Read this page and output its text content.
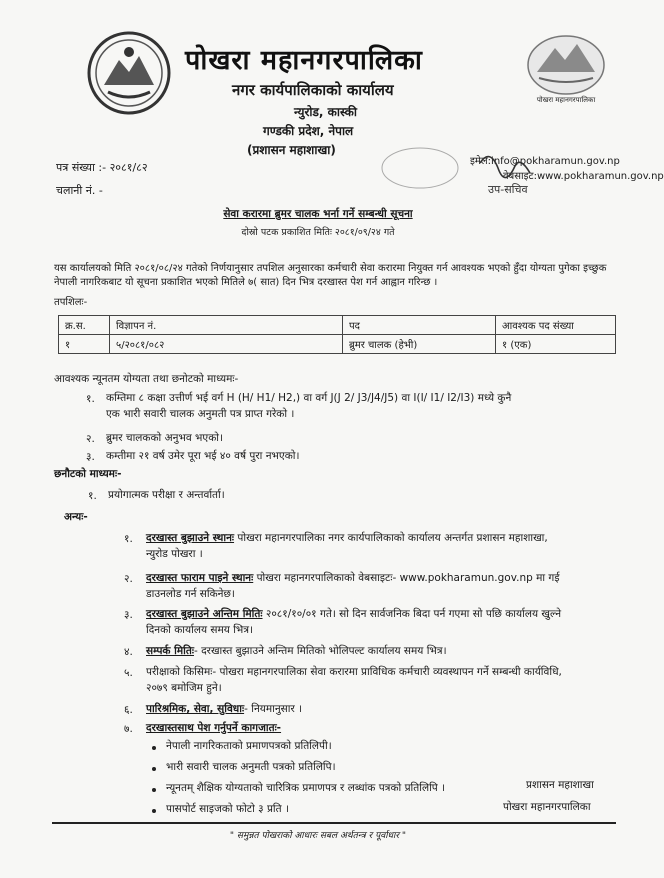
पोखरा महानगरपालिका
नगर कार्यपालिकाको कार्यालय
न्युरोड, कास्की
गण्डकी प्रदेश, नेपाल
(प्रशासन महाशाखा)
पोखरा महानगरपालिका
पत्र संख्या :- २०८१/८२
चलानी नं. -
इमेल:info@pokharamun.gov.np
वेबसाइट:www.pokharamun.gov.np
उप-सचिव
सेवा करारमा ब्रुमर चालक भर्ना गर्ने सम्बन्धी सूचना
दोस्रो पटक प्रकाशित मितिः २०८१/०९/२४ गते
यस कार्यालयको मिति २०८१/०८/२४ गतेको निर्णयानुसार तपशिल अनुसारका कर्मचारी सेवा करारमा नियुक्त गर्न आवश्यक भएको हुँदा योग्यता पुगेका इच्छुक नेपाली नागरिकबाट यो सूचना प्रकाशित भएको मितिले ७( सात) दिन भित्र दरखास्त पेश गर्न आह्वान गरिन्छ ।
तपशिलः-
क्र.स.	विज्ञापन नं.	पद	आवश्यक पद संख्या
१	५/२०८१/०८२	ब्रुमर चालक (हेभी)	१ (एक)
आवश्यक न्यूनतम योग्यता तथा छनोटको माध्यमः-
१. कम्तिमा ८ कक्षा उत्तीर्ण भई वर्ग H (H/ H1/ H2,) वा वर्ग J(J 2/ J3/J4/J5) वा I(I/ I1/ I2/I3) मध्ये कुनै
एक भारी सवारी चालक अनुमती पत्र प्राप्त गरेको ।
२. ब्रुमर चालकको अनुभव भएको।
३. कम्तीमा २१ वर्ष उमेर पूरा भई ४० वर्ष पुरा नभएको।
छनौटको माध्यमः-
१. प्रयोगात्मक परीक्षा र अन्तर्वार्ता।
अन्यः-
१. दरखास्त बुझाउने स्थानः पोखरा महानगरपालिका नगर कार्यपालिकाको कार्यालय अन्तर्गत प्रशासन महाशाखा,
न्युरोड पोखरा ।
२. दरखास्त फाराम पाइने स्थानः पोखरा महानगरपालिकाको वेबसाइटः- www.pokharamun.gov.np मा गई
डाउनलोड गर्न सकिनेछ।
३. दरखास्त बुझाउने अन्तिम मितिः २०८१/१०/०१ गते। सो दिन सार्वजनिक बिदा पर्न गएमा सो पछि कार्यालय खुल्ने
दिनको कार्यालय समय भित्र।
४. सम्पर्क मितिः- दरखास्त बुझाउने अन्तिम मितिको भोलिपल्ट कार्यालय समय भित्र।
५. परीक्षाको किसिमः- पोखरा महानगरपालिका सेवा करारमा प्राविधिक कर्मचारी व्यवस्थापन गर्ने सम्बन्धी कार्यविधि,
२०७९ बमोजिम हुने।
६. पारिश्रमिक, सेवा, सुविधाः- नियमानुसार ।
७. दरखास्तसाथ पेश गर्नुपर्ने कागजातः-
नेपाली नागरिकताको प्रमाणपत्रको प्रतिलिपी।
भारी सवारी चालक अनुमती पत्रको प्रतिलिपि।
न्यूनतम् शैक्षिक योग्यताको चारित्रिक प्रमाणपत्र र लब्धांक पत्रको प्रतिलिपि ।
पासपोर्ट साइजको फोटो ३ प्रति ।
प्रशासन महाशाखा
पोखरा महानगरपालिका
" समुन्नत पोखराको आधारः सबल अर्थतन्त्र र पूर्वाधार "
